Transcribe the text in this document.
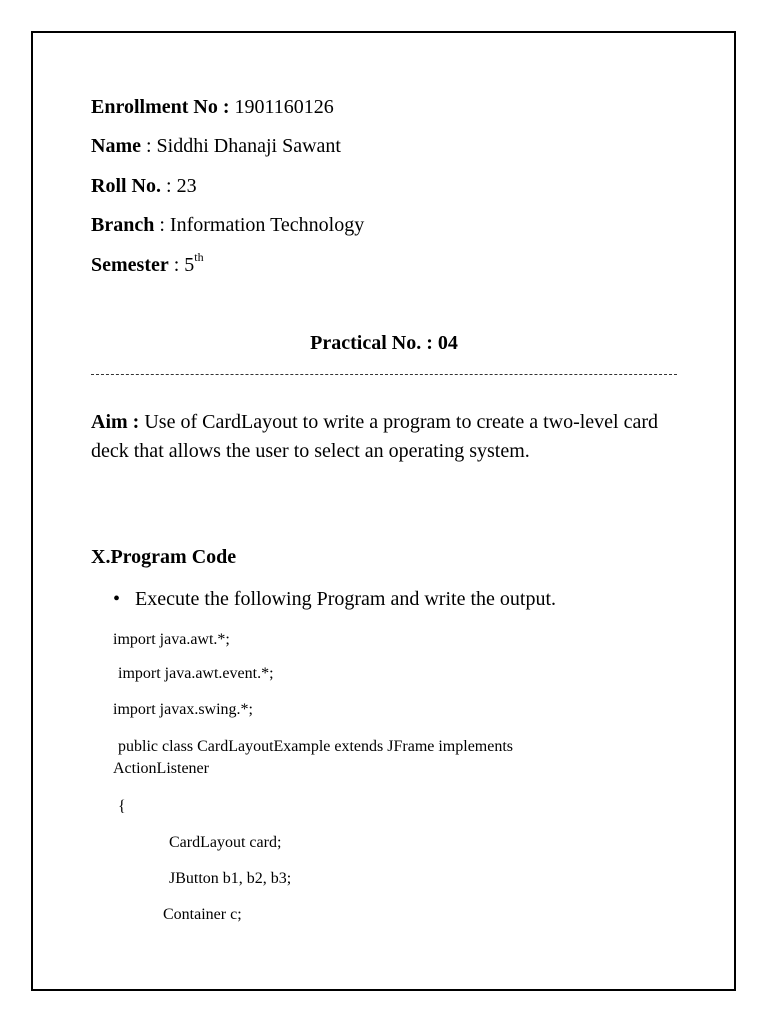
Enrollment No : 1901160126
Name : Siddhi Dhanaji Sawant
Roll No. : 23
Branch : Information Technology
Semester : 5th
Practical No. : 04
Aim : Use of CardLayout to write a program to create a two-level card deck that allows the user to select an operating system.
X.Program Code
• Execute the following Program and write the output.
import java.awt.*;
import java.awt.event.*;
import javax.swing.*;
public class CardLayoutExample extends JFrame implements
ActionListener
{
CardLayout card;
JButton b1, b2, b3;
Container c;
